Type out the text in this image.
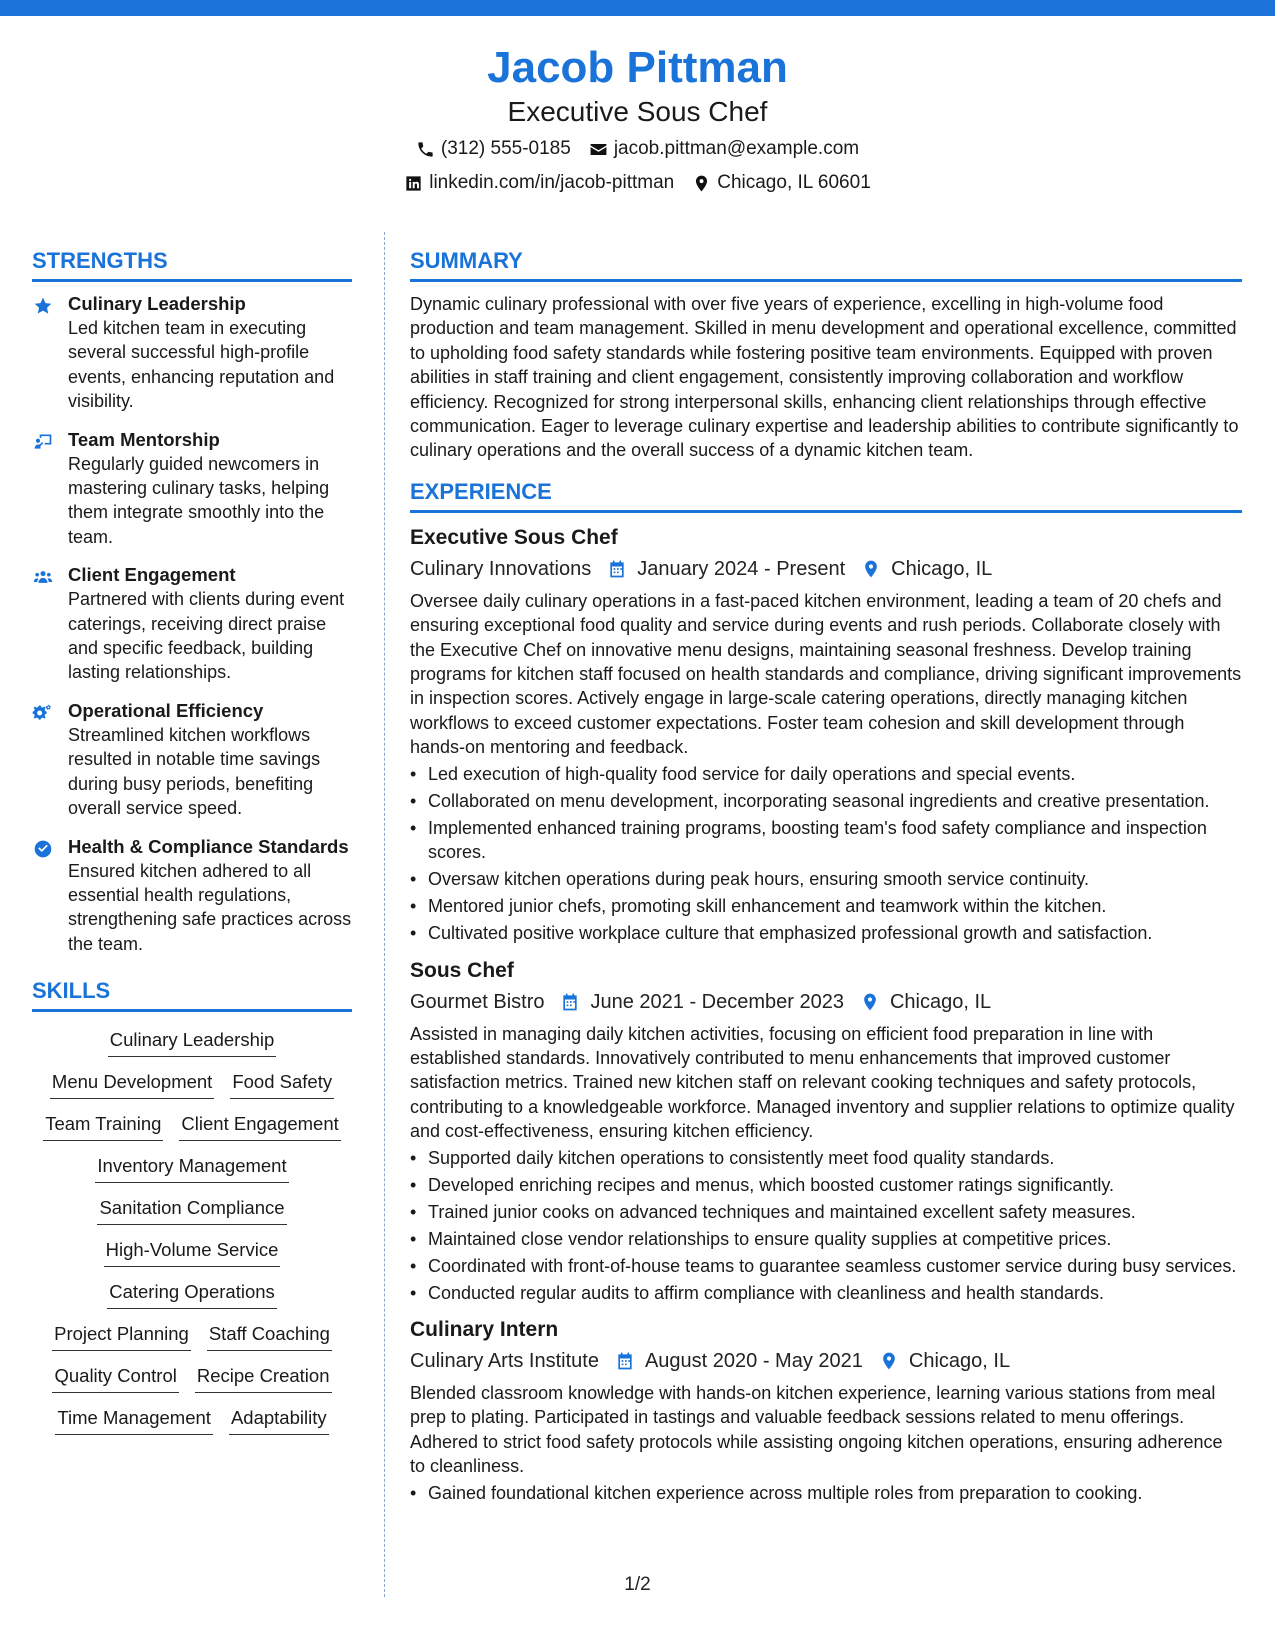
Jacob Pittman
Executive Sous Chef
(312) 555-0185 jacob.pittman@example.com
linkedin.com/in/jacob-pittman Chicago, IL 60601
STRENGTHS
Culinary Leadership
Led kitchen team in executing several successful high-profile events, enhancing reputation and visibility.
Team Mentorship
Regularly guided newcomers in mastering culinary tasks, helping them integrate smoothly into the team.
Client Engagement
Partnered with clients during event caterings, receiving direct praise and specific feedback, building lasting relationships.
Operational Efficiency
Streamlined kitchen workflows resulted in notable time savings during busy periods, benefiting overall service speed.
Health & Compliance Standards
Ensured kitchen adhered to all essential health regulations, strengthening safe practices across the team.
SKILLS
Culinary Leadership
Menu Development Food Safety
Team Training Client Engagement
Inventory Management
Sanitation Compliance
High-Volume Service
Catering Operations
Project Planning Staff Coaching
Quality Control Recipe Creation
Time Management Adaptability
SUMMARY
Dynamic culinary professional with over five years of experience, excelling in high-volume food production and team management. Skilled in menu development and operational excellence, committed to upholding food safety standards while fostering positive team environments. Equipped with proven abilities in staff training and client engagement, consistently improving collaboration and workflow efficiency. Recognized for strong interpersonal skills, enhancing client relationships through effective communication. Eager to leverage culinary expertise and leadership abilities to contribute significantly to culinary operations and the overall success of a dynamic kitchen team.
EXPERIENCE
Executive Sous Chef
Culinary Innovations January 2024 - Present Chicago, IL
Oversee daily culinary operations in a fast-paced kitchen environment, leading a team of 20 chefs and ensuring exceptional food quality and service during events and rush periods. Collaborate closely with the Executive Chef on innovative menu designs, maintaining seasonal freshness. Develop training programs for kitchen staff focused on health standards and compliance, driving significant improvements in inspection scores. Actively engage in large-scale catering operations, directly managing kitchen workflows to exceed customer expectations. Foster team cohesion and skill development through hands-on mentoring and feedback.
• Led execution of high-quality food service for daily operations and special events.
• Collaborated on menu development, incorporating seasonal ingredients and creative presentation.
• Implemented enhanced training programs, boosting team's food safety compliance and inspection scores.
• Oversaw kitchen operations during peak hours, ensuring smooth service continuity.
• Mentored junior chefs, promoting skill enhancement and teamwork within the kitchen.
• Cultivated positive workplace culture that emphasized professional growth and satisfaction.
Sous Chef
Gourmet Bistro June 2021 - December 2023 Chicago, IL
Assisted in managing daily kitchen activities, focusing on efficient food preparation in line with established standards. Innovatively contributed to menu enhancements that improved customer satisfaction metrics. Trained new kitchen staff on relevant cooking techniques and safety protocols, contributing to a knowledgeable workforce. Managed inventory and supplier relations to optimize quality and cost-effectiveness, ensuring kitchen efficiency.
• Supported daily kitchen operations to consistently meet food quality standards.
• Developed enriching recipes and menus, which boosted customer ratings significantly.
• Trained junior cooks on advanced techniques and maintained excellent safety measures.
• Maintained close vendor relationships to ensure quality supplies at competitive prices.
• Coordinated with front-of-house teams to guarantee seamless customer service during busy services.
• Conducted regular audits to affirm compliance with cleanliness and health standards.
Culinary Intern
Culinary Arts Institute August 2020 - May 2021 Chicago, IL
Blended classroom knowledge with hands-on kitchen experience, learning various stations from meal prep to plating. Participated in tastings and valuable feedback sessions related to menu offerings. Adhered to strict food safety protocols while assisting ongoing kitchen operations, ensuring adherence to cleanliness.
• Gained foundational kitchen experience across multiple roles from preparation to cooking.
1/2
